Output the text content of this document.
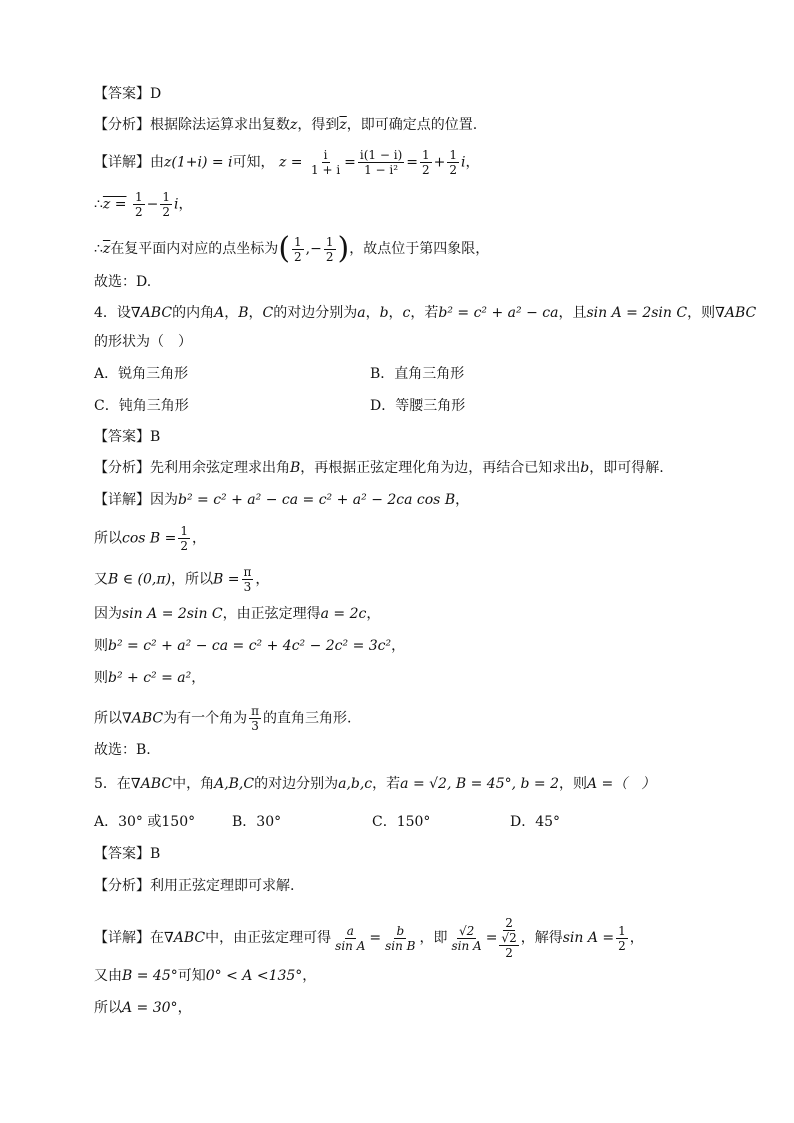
【答案】D
【分析】根据除法运算求出复数z，得到$\overline{z}$，即可确定点的位置.
【详解】由z(1+i) = i可知， $z = \frac{i}{1 + i} = \frac{i(1 - i)}{\text{1 − i²}} = \frac{1}{2} + \frac{1}{2}$ i，
∴z = $\frac{1}{2} - \frac{1}{2}$ i，
$\therefore\overline{z}$在复平面内对应的点坐标为( $\frac{1}{2}$ ,− $\frac{1}{2}$ )，故点位于第四象限，
故选：D.
4．设∇ABC的内角A，B，C的对边分别为a，b，c，若b² = c² + a² − ca，且sin A = 2sin C，则∇ABC
的形状为（　）
A．锐角三角形	B．直角三角形
C．钝角三角形	D．等腰三角形
【答案】B
【分析】先利用余弦定理求出角B，再根据正弦定理化角为边，再结合已知求出b，即可得解.
【详解】因为b² = c² + a² − ca = c² + a² − 2ca cos B，
所以$\cos B = \frac{1}{2}$ ，
又B ∈ (0,π)，所以$B = \frac{\pi}{3}$ ，
因为sin A = 2sin C，由正弦定理得a = 2c，
则b² = c² + a² − ca = c² + 4c² − 2c² = 3c²，
则b² + c² = a²，
所以∇ABC为有一个角为 $\frac{\pi}{3}$ 的直角三角形.
故选：B.
5．在∇ABC中，角A,B,C的对边分别为a,b,c，若a = √2, B = 45°, b = 2，则A =（　）
A．30° 或150°	B．30°	C．150°	D．45°
【答案】B
【分析】利用正弦定理即可求解.
【详解】在∇ABC中，由正弦定理可得 $\frac{a}{\text{sin A}} = \frac{b}{\text{sin B}}$ ，即 $\frac{√2}{\text{sin A}} = \frac{2}{\frac{√2}{2}}$ ，解得$\sin A = \frac{1}{2}$ ，
又由B = 45°可知0° < A <135°，
所以A = 30°，
